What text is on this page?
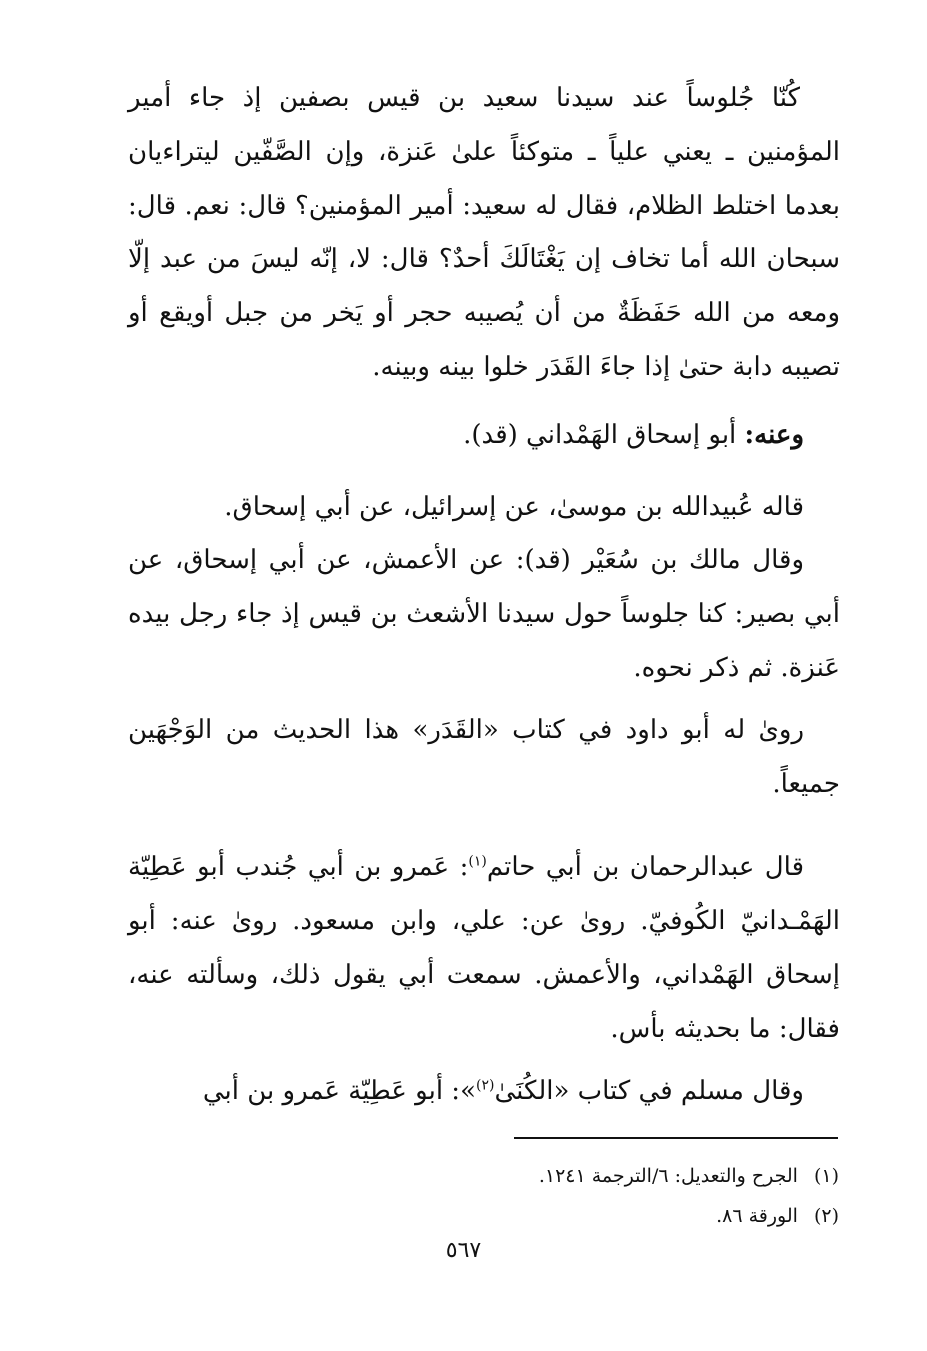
كُنّا جُلوساً عند سيدنا سعيد بن قيس بصفين إذ جاء أمير المؤمنين ـ يعني علياً ـ متوكئاً علىٰ عَنزة، وإن الصَّفّين ليتراءيان بعدما اختلط الظلام، فقال له سعيد: أمير المؤمنين؟ قال: نعم. قال: سبحان الله أما تخاف إن يَغْتَالَكَ أحدٌ؟ قال: لا، إنّه ليسَ من عبد إلّا ومعه من الله حَفَظَةٌ من أن يُصيبه حجر أو يَخر من جبل أويقع أو تصيبه دابة حتىٰ إذا جاءَ القَدَر خلوا بينه وبينه.

وعنه: أبو إسحاق الهَمْداني (قد).

قاله عُبيدالله بن موسىٰ، عن إسرائيل، عن أبي إسحاق.

وقال مالك بن سُعَيْر (قد): عن الأعمش، عن أبي إسحاق، عن أبي بصير: كنا جلوساً حول سيدنا الأشعث بن قيس إذ جاء رجل بيده عَنزة. ثم ذكر نحوه.

روىٰ له أبو داود في كتاب «القَدَر» هذا الحديث من الوَجْهَين جميعاً.

قال عبدالرحمان بن أبي حاتم$^{(١)}$: عَمرو بن أبي جُندب أبو عَطِيّة الهَمْـدانيّ الكُوفيّ. روىٰ عن: علي، وابن مسعود. روىٰ عنه: أبو إسحاق الهَمْداني، والأعمش. سمعت أبي يقول ذلك، وسألته عنه، فقال: ما بحديثه بأس.

وقال مسلم في كتاب «الكُنَىٰ$^{(٢)}$»: أبو عَطِيّة عَمرو بن أبي

(١)الجرح والتعديل: ٦/الترجمة ١٢٤١.

(٢)الورقة ٨٦.

٥٦٧
